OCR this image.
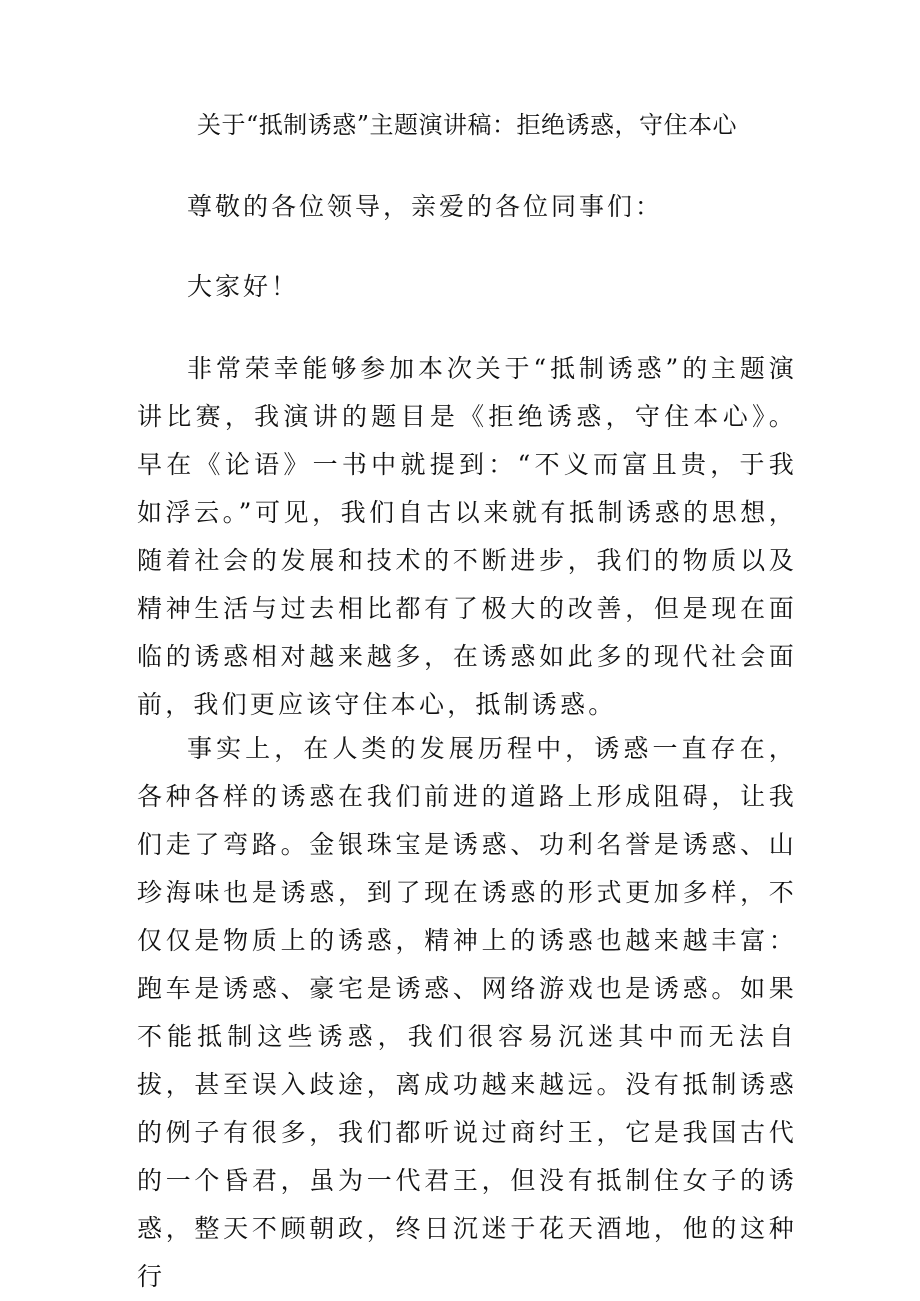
关于“抵制诱惑”主题演讲稿：拒绝诱惑，守住本心
尊敬的各位领导，亲爱的各位同事们：
大家好！
非常荣幸能够参加本次关于“抵制诱惑”的主题演讲比赛，我演讲的题目是《拒绝诱惑，守住本心》。早在《论语》一书中就提到：“不义而富且贵，于我如浮云。”可见，我们自古以来就有抵制诱惑的思想，随着社会的发展和技术的不断进步，我们的物质以及精神生活与过去相比都有了极大的改善，但是现在面临的诱惑相对越来越多，在诱惑如此多的现代社会面前，我们更应该守住本心，抵制诱惑。
事实上，在人类的发展历程中，诱惑一直存在，各种各样的诱惑在我们前进的道路上形成阻碍，让我们走了弯路。金银珠宝是诱惑、功利名誉是诱惑、山珍海味也是诱惑，到了现在诱惑的形式更加多样，不仅仅是物质上的诱惑，精神上的诱惑也越来越丰富：跑车是诱惑、豪宅是诱惑、网络游戏也是诱惑。如果不能抵制这些诱惑，我们很容易沉迷其中而无法自拔，甚至误入歧途，离成功越来越远。没有抵制诱惑的例子有很多，我们都听说过商纣王，它是我国古代的一个昏君，虽为一代君王，但没有抵制住女子的诱惑，整天不顾朝政，终日沉迷于花天酒地，他的这种行
